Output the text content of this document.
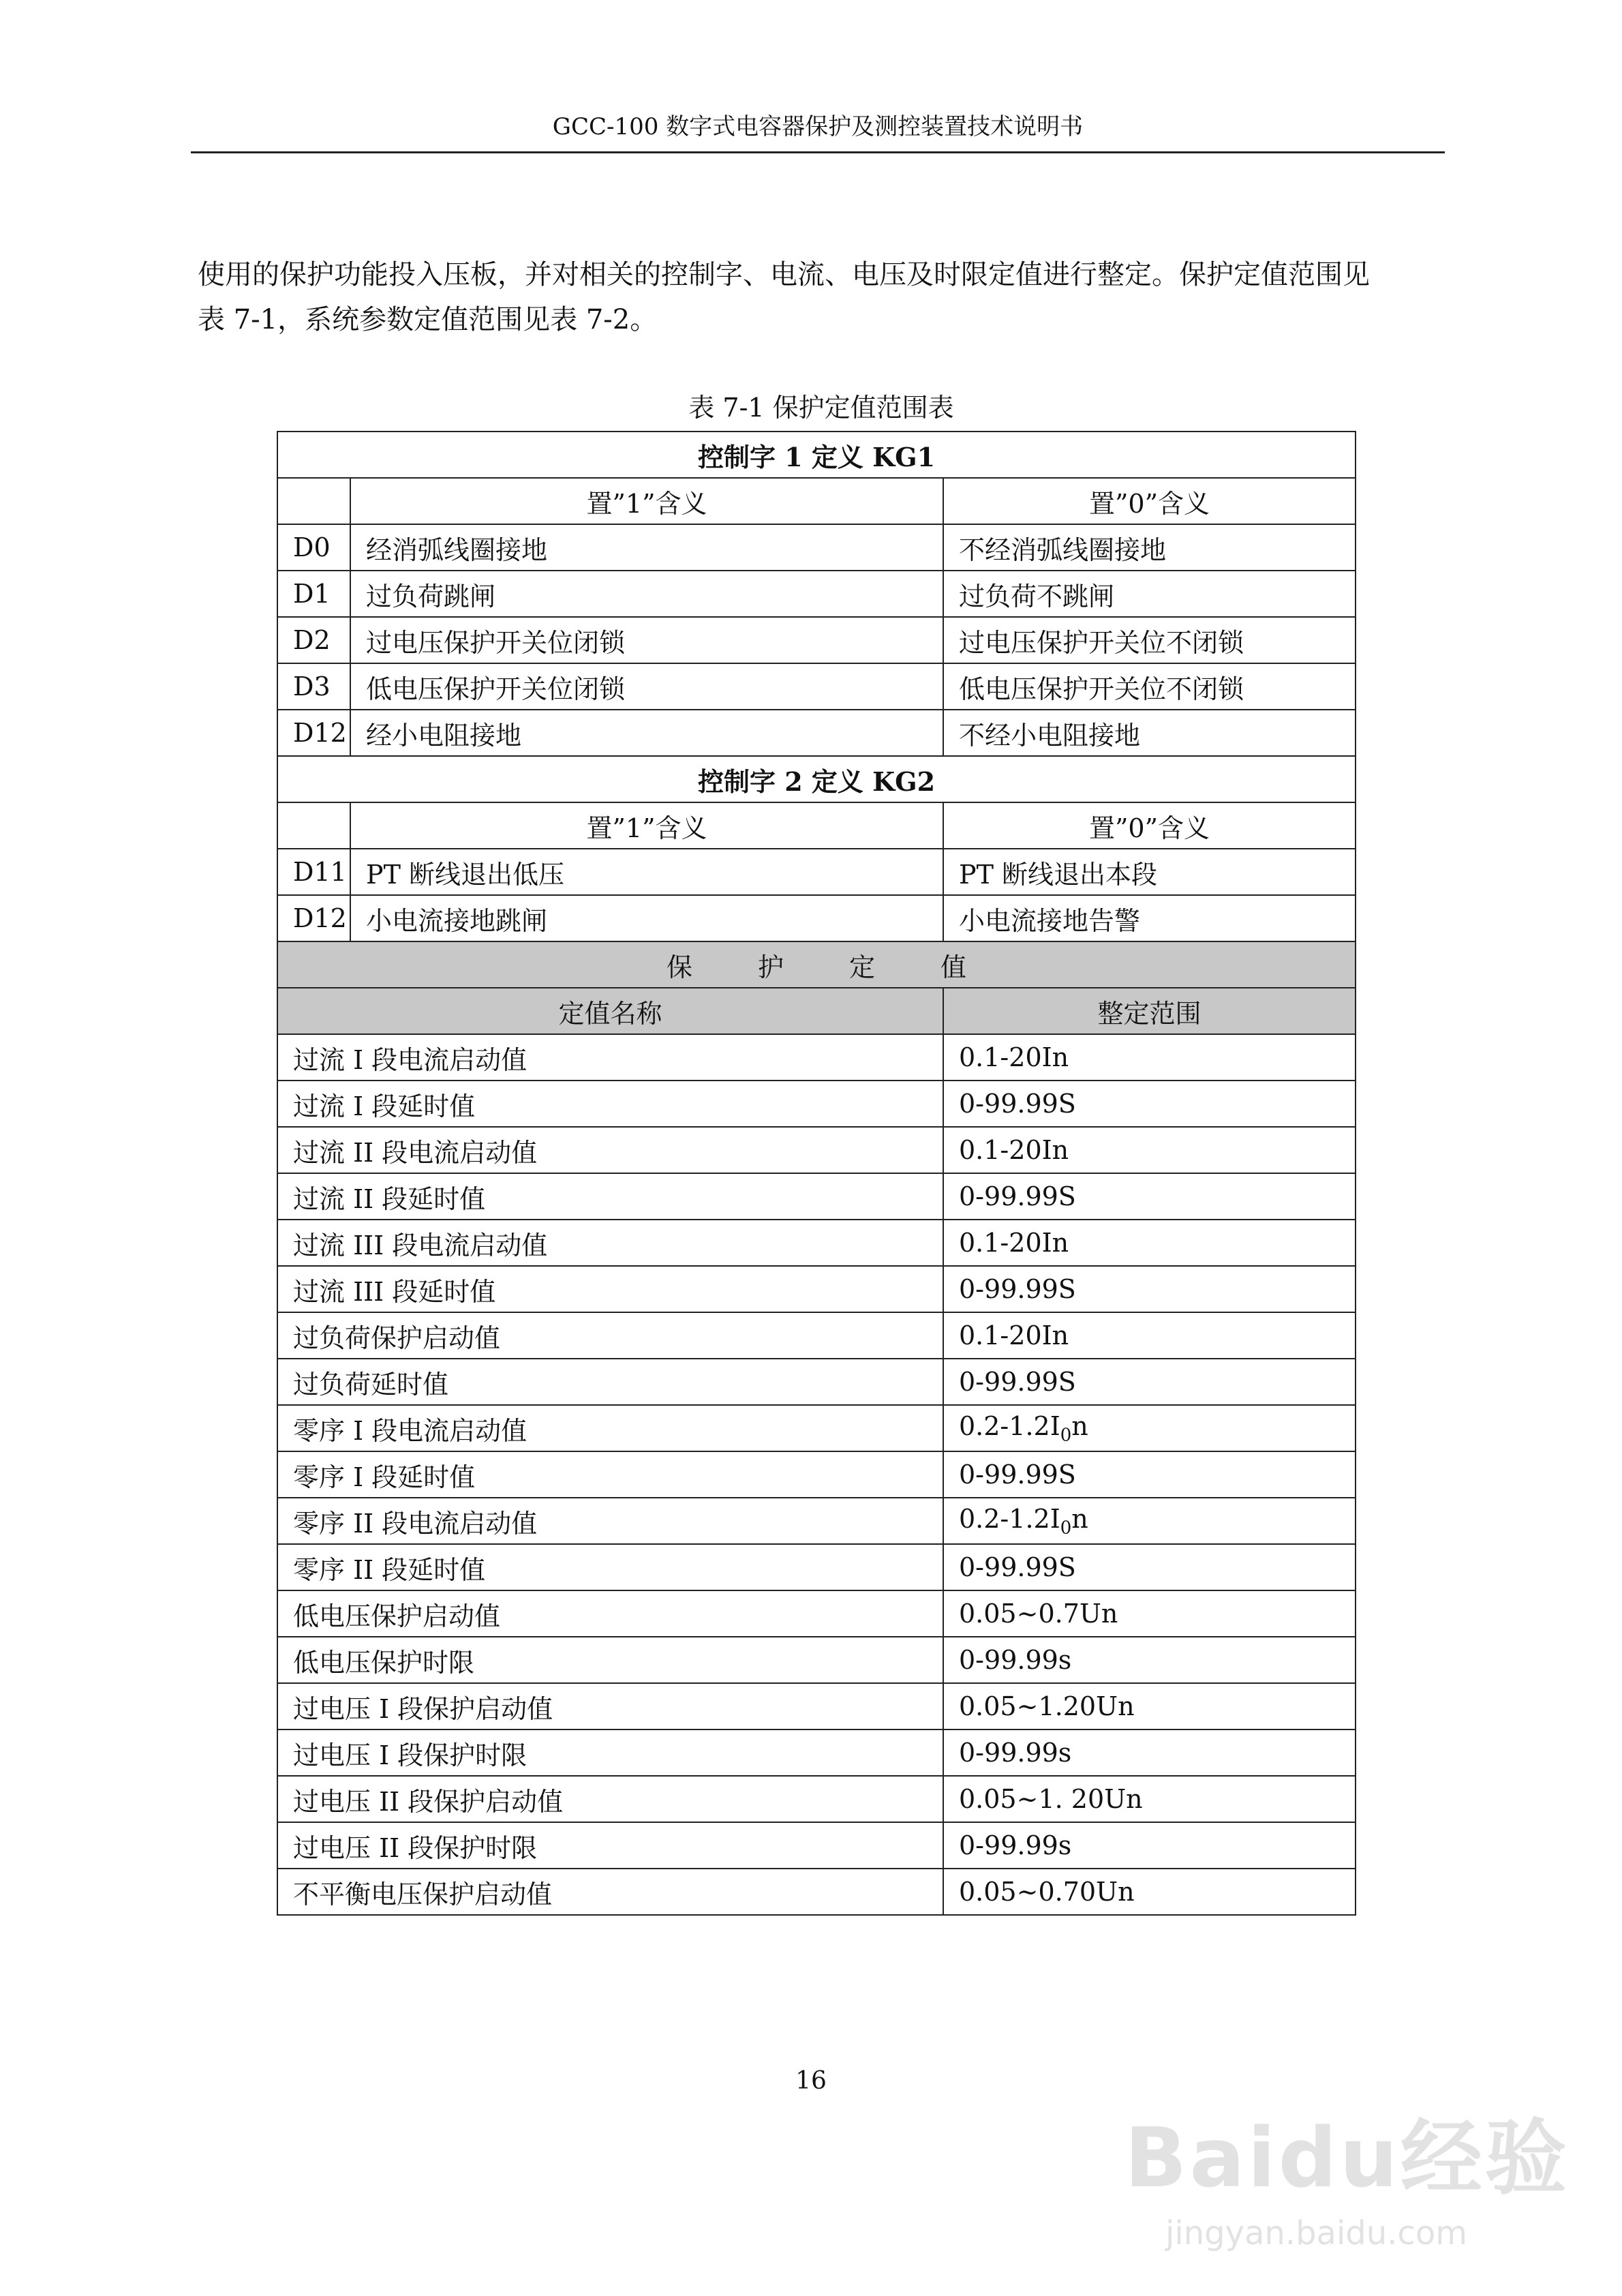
GCC-100 数字式电容器保护及测控装置技术说明书

使用的保护功能投入压板，并对相关的控制字、电流、电压及时限定值进行整定。保护定值范围见

表 7-1，系统参数定值范围见表 7-2。

表 7-1 保护定值范围表
控制字 1 定义 KG1		
	置”1”含义	置”0”含义
D0	经消弧线圈接地	不经消弧线圈接地
D1	过负荷跳闸	过负荷不跳闸
D2	过电压保护开关位闭锁	过电压保护开关位不闭锁
D3	低电压保护开关位闭锁	低电压保护开关位不闭锁
D12	经小电阻接地	不经小电阻接地
控制字 2 定义 KG2		
	置”1”含义	置”0”含义
D11	PT 断线退出低压	PT 断线退出本段
D12	小电流接地跳闸	小电流接地告警
保护定值		
定值名称		整定范围
过流 I 段电流启动值		0.1-20In
过流 I 段延时值		0-99.99S
过流 II 段电流启动值		0.1-20In
过流 II 段延时值		0-99.99S
过流 III 段电流启动值		0.1-20In
过流 III 段延时值		0-99.99S
过负荷保护启动值		0.1-20In
过负荷延时值		0-99.99S
零序 I 段电流启动值		$0.2-1.2I_0n$
零序 I 段延时值		0-99.99S
零序 II 段电流启动值		$0.2-1.2I_0n$
零序 II 段延时值		0-99.99S
低电压保护启动值		0.05~0.7Un
低电压保护时限		0-99.99s
过电压 I 段保护启动值		0.05~1.20Un
过电压 I 段保护时限		0-99.99s
过电压 II 段保护启动值		0.05~1. 20Un
过电压 II 段保护时限		0-99.99s
不平衡电压保护启动值		0.05~0.70Un
16
Baidu经验
jingyan.baidu.com
